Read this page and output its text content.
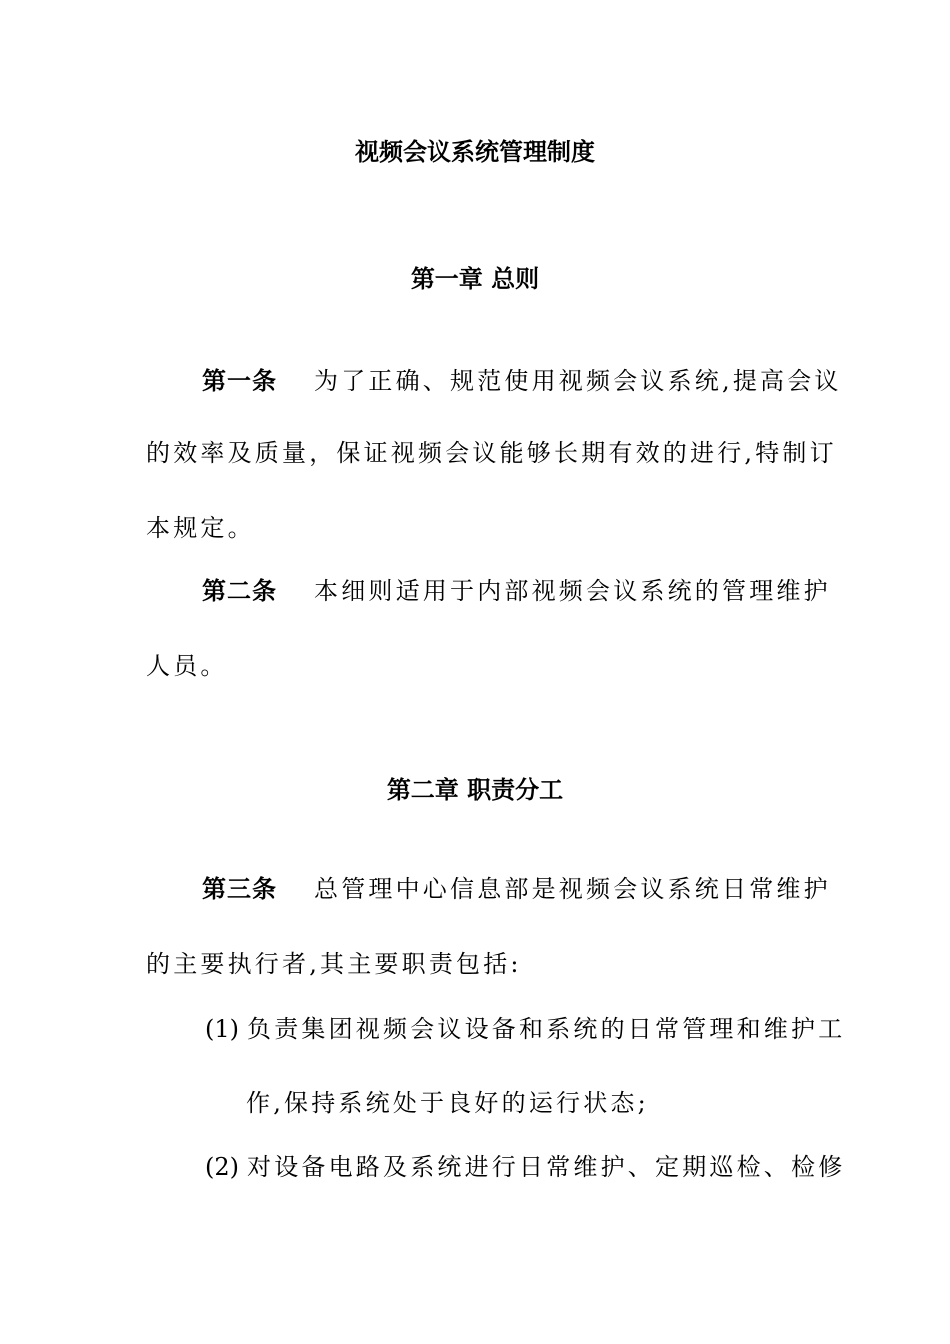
视频会议系统管理制度
第一章 总则
第一条 为了正确、规范使用视频会议系统,提高会议
的效率及质量，保证视频会议能够长期有效的进行,特制订
本规定。
第二条 本细则适用于内部视频会议系统的管理维护
人员。
第二章 职责分工
第三条 总管理中心信息部是视频会议系统日常维护
的主要执行者,其主要职责包括:
(1) 负责集团视频会议设备和系统的日常管理和维护工
作,保持系统处于良好的运行状态;
(2) 对设备电路及系统进行日常维护、定期巡检、检修
